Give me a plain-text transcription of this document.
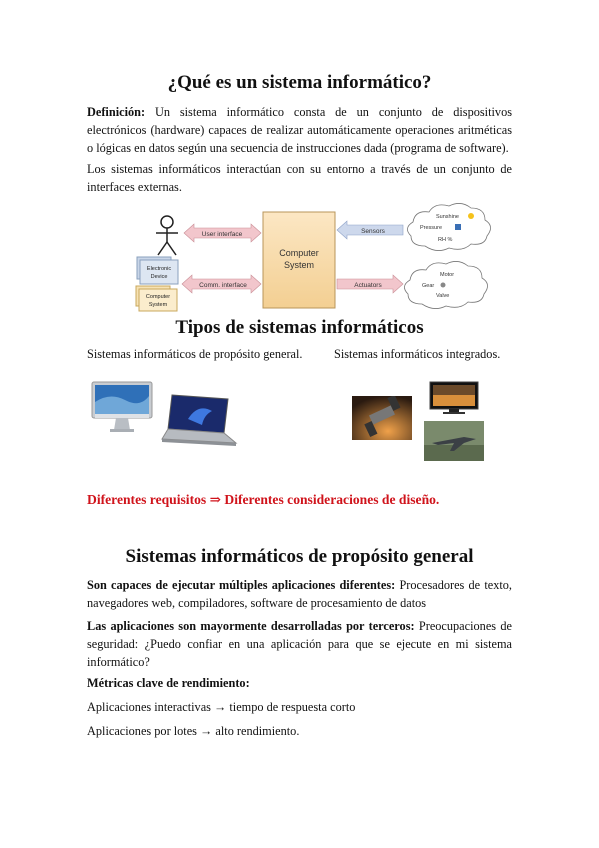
¿Qué es un sistema informático?

Definición: Un sistema informático consta de un conjunto de dispositivos electrónicos (hardware) capaces de realizar automáticamente operaciones aritméticas o lógicas en datos según una secuencia de instrucciones dada (programa de software).

Los sistemas informáticos interactúan con su entorno a través de un conjunto de interfaces externas.

Electronic
Device
Computer
System
Computer
System
User interface
Comm. interface
Sensors
Actuators
Sunshine
Pressure
RH %
Motor
Gear
Valve
Tipos de sistemas informáticos

Sistemas informáticos de propósito general.	Sistemas informáticos integrados.

Diferentes requisitos ⇒ Diferentes consideraciones de diseño.

Sistemas informáticos de propósito general

Son capaces de ejecutar múltiples aplicaciones diferentes: Procesadores de texto, navegadores web, compiladores, software de procesamiento de datos

Las aplicaciones son mayormente desarrolladas por terceros: Preocupaciones de seguridad: ¿Puedo confiar en una aplicación para que se ejecute en mi sistema informático?

Métricas clave de rendimiento:

Aplicaciones interactivas → tiempo de respuesta corto

Aplicaciones por lotes → alto rendimiento.
